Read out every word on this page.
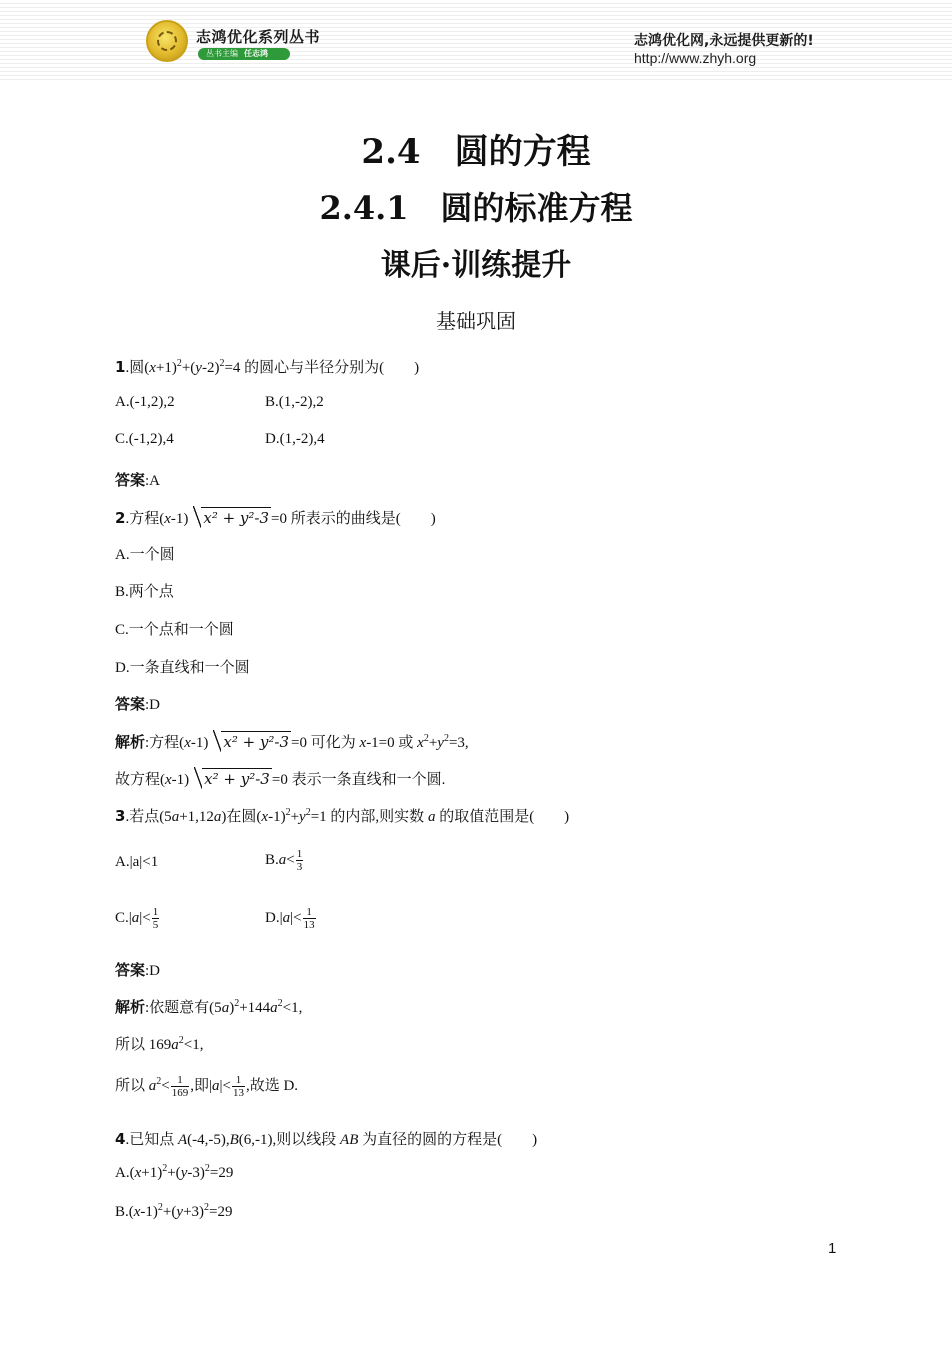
志鸿优化系列丛书
丛书主编 任志鸿
志鸿优化网,永远提供更新的!
http://www.zhyh.org
2.4　圆的方程
2.4.1　圆的标准方程
课后·训练提升
基础巩固
1.圆$(x+1)^2+(y-2)^2=4$ 的圆心与半径分别为(　　)
A.(-1,2),2	B.(1,-2),2
C.(-1,2),4	D.(1,-2),4
答案:A
2.方程(x-1) x² + y²-3 =0 所表示的曲线是(　　)
A.一个圆
B.两个点
C.一个点和一个圆
D.一条直线和一个圆
答案:D
解析:方程(x-1) x² + y²-3 =0 可化为 x-1=0 或 $x^2+y^2=3$,
故方程(x-1) x² + y²-3 =0 表示一条直线和一个圆.
3.若点(5a+1,12a)在圆$(x-1)^2+y^2=1$ 的内部,则实数 a 的取值范围是(　　)
A.|a|<1	$B.a< \frac{1}{3}$
$C.|a|< \frac{1}{5}$	$D.|a|< \frac{1}{13}$
答案:D
解析:依题意有$(5a)^2+144a^2<1$,
所以 $169a^2<1$,
所以 $a^2< \frac{1}{169}$ ,即$|a|< \frac{1}{13}$ ,故选 D.
4.已知点 A(-4,-5),B(6,-1),则以线段 AB 为直径的圆的方程是(　　)
$A.(x+1)^2+(y-3)^2=29$
$B.(x-1)^2+(y+3)^2=29$
1
